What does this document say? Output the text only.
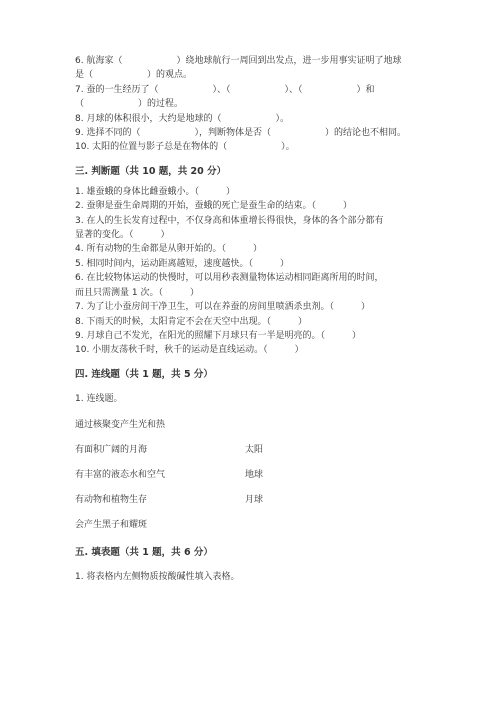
6. 航海家（　　　　　　）绕地球航行一周回到出发点，进一步用事实证明了地球

是（　　　　　　）的观点。

7. 蚕的一生经历了（　　　　　　）、（　　　　　　）、（　　　　　　）和

（　　　　　　）的过程。

8. 月球的体积很小，大约是地球的（　　　　　　）。

9. 选择不同的（　　　　　　），判断物体是否（　　　　　　）的结论也不相同。

10. 太阳的位置与影子总是在物体的（　　　　　　）。

三. 判断题（共 10 题，共 20 分）

1. 雄蚕蛾的身体比雌蚕蛾小。（　　　）

2. 蚕卵是蚕生命周期的开始，蚕蛾的死亡是蚕生命的结束。（　　　）

3. 在人的生长发育过程中，不仅身高和体重增长得很快，身体的各个部分都有

显著的变化。（　　　）

4. 所有动物的生命都是从卵开始的。（　　　）

5. 相同时间内，运动距离越短，速度越快。（　　　）

6. 在比较物体运动的快慢时，可以用秒表测量物体运动相同距离所用的时间，

而且只需测量 1 次。（　　　）

7. 为了让小蚕房间干净卫生，可以在养蚕的房间里喷洒杀虫剂。（　　　）

8. 下雨天的时候，太阳肯定不会在天空中出现。（　　　）

9. 月球自己不发光，在阳光的照耀下月球只有一半是明亮的。（　　　）

10. 小朋友荡秋千时，秋千的运动是直线运动。（　　　）

四. 连线题（共 1 题，共 5 分）

1. 连线题。

通过核聚变产生光和热
有面积广阔的月海	太阳
有丰富的液态水和空气	地球
有动物和植物生存	月球
会产生黑子和耀斑

五. 填表题（共 1 题，共 6 分）

1. 将表格内左侧物质按酸碱性填入表格。
